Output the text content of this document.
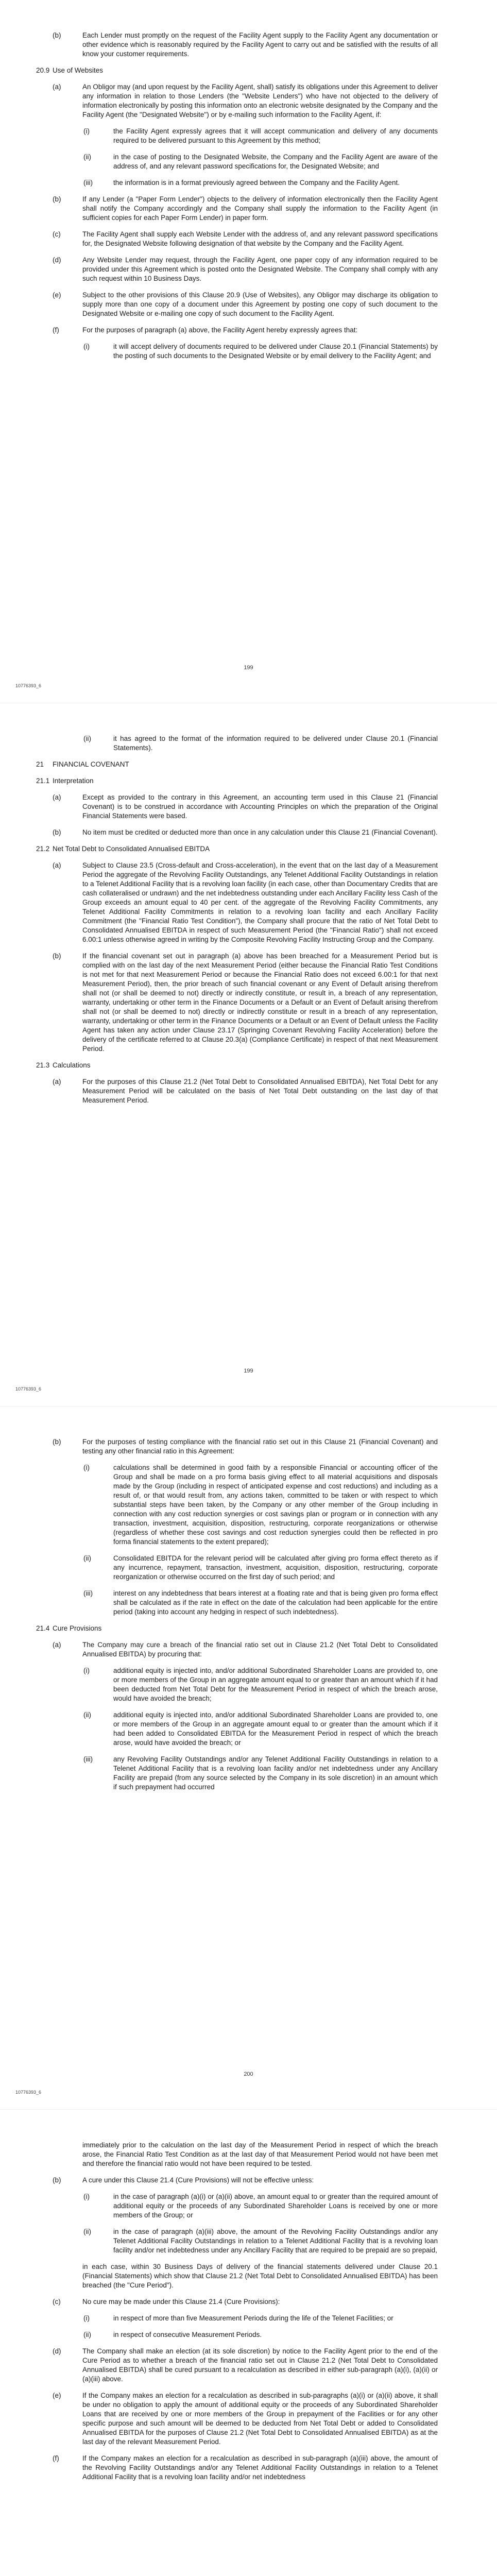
(b)	Each Lender must promptly on the request of the Facility Agent supply to the Facility Agent any documentation or other evidence which is reasonably required by the Facility Agent to carry out and be satisfied with the results of all know your customer requirements.
20.9 Use of Websites
(a)	An Obligor may (and upon request by the Facility Agent, shall) satisfy its obligations under this Agreement to deliver any information in relation to those Lenders (the "Website Lenders") who have not objected to the delivery of information electronically by posting this information onto an electronic website designated by the Company and the Facility Agent (the "Designated Website") or by e-mailing such information to the Facility Agent, if:
(i)	the Facility Agent expressly agrees that it will accept communication and delivery of any documents required to be delivered pursuant to this Agreement by this method;
(ii)	in the case of posting to the Designated Website, the Company and the Facility Agent are aware of the address of, and any relevant password specifications for, the Designated Website; and
(iii)	the information is in a format previously agreed between the Company and the Facility Agent.
(b)	If any Lender (a "Paper Form Lender") objects to the delivery of information electronically then the Facility Agent shall notify the Company accordingly and the Company shall supply the information to the Facility Agent (in sufficient copies for each Paper Form Lender) in paper form.
(c)	The Facility Agent shall supply each Website Lender with the address of, and any relevant password specifications for, the Designated Website following designation of that website by the Company and the Facility Agent.
(d)	Any Website Lender may request, through the Facility Agent, one paper copy of any information required to be provided under this Agreement which is posted onto the Designated Website. The Company shall comply with any such request within 10 Business Days.
(e)	Subject to the other provisions of this Clause 20.9 (Use of Websites), any Obligor may discharge its obligation to supply more than one copy of a document under this Agreement by posting one copy of such document to the Designated Website or e-mailing one copy of such document to the Facility Agent.
(f)	For the purposes of paragraph (a) above, the Facility Agent hereby expressly agrees that:
(i)	it will accept delivery of documents required to be delivered under Clause 20.1 (Financial Statements) by the posting of such documents to the Designated Website or by email delivery to the Facility Agent; and
199
10776393_6
(ii)	it has agreed to the format of the information required to be delivered under Clause 20.1 (Financial Statements).
21 FINANCIAL COVENANT
21.1 Interpretation
(a)	Except as provided to the contrary in this Agreement, an accounting term used in this Clause 21 (Financial Covenant) is to be construed in accordance with Accounting Principles on which the preparation of the Original Financial Statements were based.
(b)	No item must be credited or deducted more than once in any calculation under this Clause 21 (Financial Covenant).
21.2 Net Total Debt to Consolidated Annualised EBITDA
(a)	Subject to Clause 23.5 (Cross-default and Cross-acceleration), in the event that on the last day of a Measurement Period the aggregate of the Revolving Facility Outstandings, any Telenet Additional Facility Outstandings in relation to a Telenet Additional Facility that is a revolving loan facility (in each case, other than Documentary Credits that are cash collateralised or undrawn) and the net indebtedness outstanding under each Ancillary Facility less Cash of the Group exceeds an amount equal to 40 per cent. of the aggregate of the Revolving Facility Commitments, any Telenet Additional Facility Commitments in relation to a revolving loan facility and each Ancillary Facility Commitment (the "Financial Ratio Test Condition"), the Company shall procure that the ratio of Net Total Debt to Consolidated Annualised EBITDA in respect of such Measurement Period (the "Financial Ratio") shall not exceed 6.00:1 unless otherwise agreed in writing by the Composite Revolving Facility Instructing Group and the Company.
(b)	If the financial covenant set out in paragraph (a) above has been breached for a Measurement Period but is complied with on the last day of the next Measurement Period (either because the Financial Ratio Test Conditions is not met for that next Measurement Period or because the Financial Ratio does not exceed 6.00:1 for that next Measurement Period), then, the prior breach of such financial covenant or any Event of Default arising therefrom shall not (or shall be deemed to not) directly or indirectly constitute, or result in, a breach of any representation, warranty, undertaking or other term in the Finance Documents or a Default or an Event of Default arising therefrom shall not (or shall be deemed to not) directly or indirectly constitute or result in a breach of any representation, warranty, undertaking or other term in the Finance Documents or a Default or an Event of Default unless the Facility Agent has taken any action under Clause 23.17 (Springing Covenant Revolving Facility Acceleration) before the delivery of the certificate referred to at Clause 20.3(a) (Compliance Certificate) in respect of that next Measurement Period.
21.3 Calculations
(a)	For the purposes of this Clause 21.2 (Net Total Debt to Consolidated Annualised EBITDA), Net Total Debt for any Measurement Period will be calculated on the basis of Net Total Debt outstanding on the last day of that Measurement Period.
199
10776393_6
(b)	For the purposes of testing compliance with the financial ratio set out in this Clause 21 (Financial Covenant) and testing any other financial ratio in this Agreement:
(i)	calculations shall be determined in good faith by a responsible Financial or accounting officer of the Group and shall be made on a pro forma basis giving effect to all material acquisitions and disposals made by the Group (including in respect of anticipated expense and cost reductions) and including as a result of, or that would result from, any actions taken, committed to be taken or with respect to which substantial steps have been taken, by the Company or any other member of the Group including in connection with any cost reduction synergies or cost savings plan or program or in connection with any transaction, investment, acquisition, disposition, restructuring, corporate reorganizations or otherwise (regardless of whether these cost savings and cost reduction synergies could then be reflected in pro forma financial statements to the extent prepared);
(ii)	Consolidated EBITDA for the relevant period will be calculated after giving pro forma effect thereto as if any incurrence, repayment, transaction, investment, acquisition, disposition, restructuring, corporate reorganization or otherwise occurred on the first day of such period; and
(iii)	interest on any indebtedness that bears interest at a floating rate and that is being given pro forma effect shall be calculated as if the rate in effect on the date of the calculation had been applicable for the entire period (taking into account any hedging in respect of such indebtedness).
21.4 Cure Provisions
(a)	The Company may cure a breach of the financial ratio set out in Clause 21.2 (Net Total Debt to Consolidated Annualised EBITDA) by procuring that:
(i)	additional equity is injected into, and/or additional Subordinated Shareholder Loans are provided to, one or more members of the Group in an aggregate amount equal to or greater than an amount which if it had been deducted from Net Total Debt for the Measurement Period in respect of which the breach arose, would have avoided the breach;
(ii)	additional equity is injected into, and/or additional Subordinated Shareholder Loans are provided to, one or more members of the Group in an aggregate amount equal to or greater than the amount which if it had been added to Consolidated EBITDA for the Measurement Period in respect of which the breach arose, would have avoided the breach; or
(iii)	any Revolving Facility Outstandings and/or any Telenet Additional Facility Outstandings in relation to a Telenet Additional Facility that is a revolving loan facility and/or net indebtedness under any Ancillary Facility are prepaid (from any source selected by the Company in its sole discretion) in an amount which if such prepayment had occurred
200
10776393_6
immediately prior to the calculation on the last day of the Measurement Period in respect of which the breach arose, the Financial Ratio Test Condition as at the last day of that Measurement Period would not have been met and therefore the financial ratio would not have been required to be tested.
(b)	A cure under this Clause 21.4 (Cure Provisions) will not be effective unless:
(i)	in the case of paragraph (a)(i) or (a)(ii) above, an amount equal to or greater than the required amount of additional equity or the proceeds of any Subordinated Shareholder Loans is received by one or more members of the Group; or
(ii)	in the case of paragraph (a)(iii) above, the amount of the Revolving Facility Outstandings and/or any Telenet Additional Facility Outstandings in relation to a Telenet Additional Facility that is a revolving loan facility and/or net indebtedness under any Ancillary Facility that are required to be prepaid are so prepaid,
in each case, within 30 Business Days of delivery of the financial statements delivered under Clause 20.1 (Financial Statements) which show that Clause 21.2 (Net Total Debt to Consolidated Annualised EBITDA) has been breached (the "Cure Period").
(c)	No cure may be made under this Clause 21.4 (Cure Provisions):
(i)	in respect of more than five Measurement Periods during the life of the Telenet Facilities; or
(ii)	in respect of consecutive Measurement Periods.
(d)	The Company shall make an election (at its sole discretion) by notice to the Facility Agent prior to the end of the Cure Period as to whether a breach of the financial ratio set out in Clause 21.2 (Net Total Debt to Consolidated Annualised EBITDA) shall be cured pursuant to a recalculation as described in either sub-paragraph (a)(i), (a)(ii) or (a)(iii) above.
(e)	If the Company makes an election for a recalculation as described in sub-paragraphs (a)(i) or (a)(ii) above, it shall be under no obligation to apply the amount of additional equity or the proceeds of any Subordinated Shareholder Loans that are received by one or more members of the Group in prepayment of the Facilities or for any other specific purpose and such amount will be deemed to be deducted from Net Total Debt or added to Consolidated Annualised EBITDA for the purposes of Clause 21.2 (Net Total Debt to Consolidated Annualised EBITDA) as at the last day of the relevant Measurement Period.
(f)	If the Company makes an election for a recalculation as described in sub-paragraph (a)(iii) above, the amount of the Revolving Facility Outstandings and/or any Telenet Additional Facility Outstandings in relation to a Telenet Additional Facility that is a revolving loan facility and/or net indebtedness
